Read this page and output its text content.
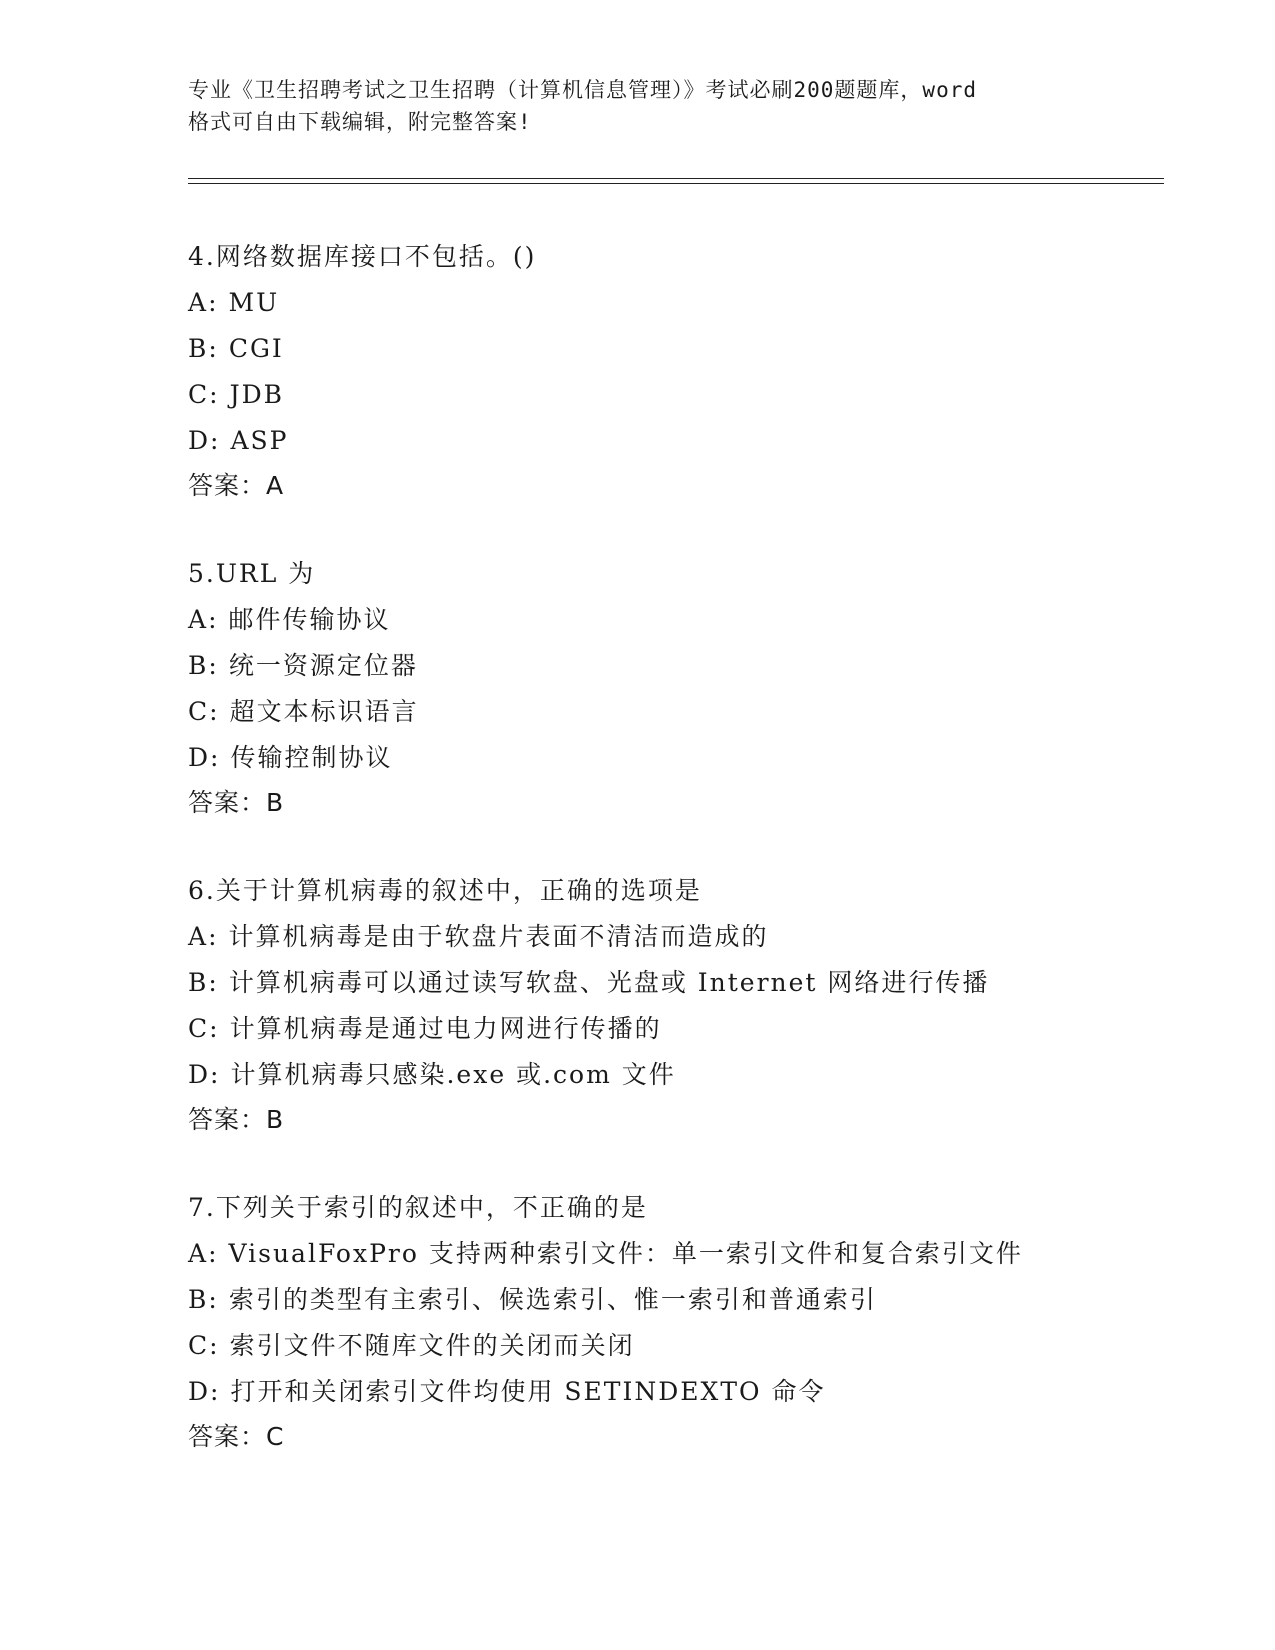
专业《卫生招聘考试之卫生招聘（计算机信息管理）》考试必刷200题题库，word
格式可自由下载编辑，附完整答案!
4.网络数据库接口不包括。()
A: MU
B: CGI
C: JDB
D: ASP
答案：A
5.URL 为
A: 邮件传输协议
B: 统一资源定位器
C: 超文本标识语言
D: 传输控制协议
答案：B
6.关于计算机病毒的叙述中，正确的选项是
A: 计算机病毒是由于软盘片表面不清洁而造成的
B: 计算机病毒可以通过读写软盘、光盘或 Internet 网络进行传播
C: 计算机病毒是通过电力网进行传播的
D: 计算机病毒只感染.exe 或.com 文件
答案：B
7.下列关于索引的叙述中，不正确的是
A: VisualFoxPro 支持两种索引文件：单一索引文件和复合索引文件
B: 索引的类型有主索引、候选索引、惟一索引和普通索引
C: 索引文件不随库文件的关闭而关闭
D: 打开和关闭索引文件均使用 SETINDEXTO 命令
答案：C
